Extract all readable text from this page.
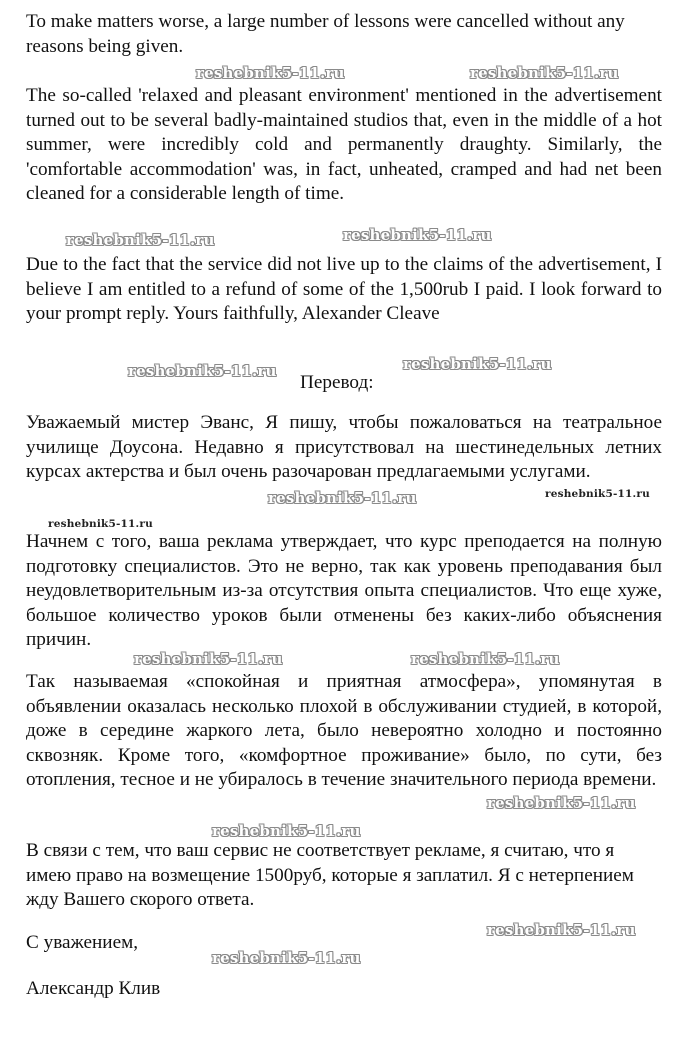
To make matters worse, a large number of lessons were cancelled without any reasons being given.
The so-called 'relaxed and pleasant environment' mentioned in the advertisement turned out to be several badly-maintained studios that, even in the middle of a hot summer, were incredibly cold and permanently draughty. Similarly, the 'comfortable accommodation' was, in fact, unheated, cramped and had net been cleaned for a considerable length of time.
Due to the fact that the service did not live up to the claims of the advertisement, I believe I am entitled to a refund of some of the 1,500rub I paid. I look forward to your prompt reply. Yours faithfully, Alexander Cleave
Перевод:
Уважаемый мистер Эванс, Я пишу, чтобы пожаловаться на театральное училище Доусона. Недавно я присутствовал на шестинедельных летних курсах актерства и был очень разочарован предлагаемыми услугами.
Начнем с того, ваша реклама утверждает, что курс преподается на полную подготовку специалистов. Это не верно, так как уровень преподавания был неудовлетворительным из-за отсутствия опыта специалистов. Что еще хуже, большое количество уроков были отменены без каких-либо объяснения причин.
Так называемая «спокойная и приятная атмосфера», упомянутая в объявлении оказалась несколько плохой в обслуживании студией, в которой, доже в середине жаркого лета, было невероятно холодно и постоянно сквозняк. Кроме того, «комфортное проживание» было, по сути, без отопления, тесное и не убиралось в течение значительного периода времени.
В связи с тем, что ваш сервис не соответствует рекламе, я считаю, что я имею право на возмещение 1500руб, которые я заплатил. Я с нетерпением жду Вашего скорого ответа.
С уважением,
Александр Клив
reshebnik5-11.ru	reshebnik5-11.ru
reshebnik5-11.ru	reshebnik5-11.ru
reshebnik5-11.ru	reshebnik5-11.ru
reshebnik5-11.ru	reshebnik5-11.ru
reshebnik5-11.ru
reshebnik5-11.ru	reshebnik5-11.ru
reshebnik5-11.ru
reshebnik5-11.ru
reshebnik5-11.ru
reshebnik5-11.ru
